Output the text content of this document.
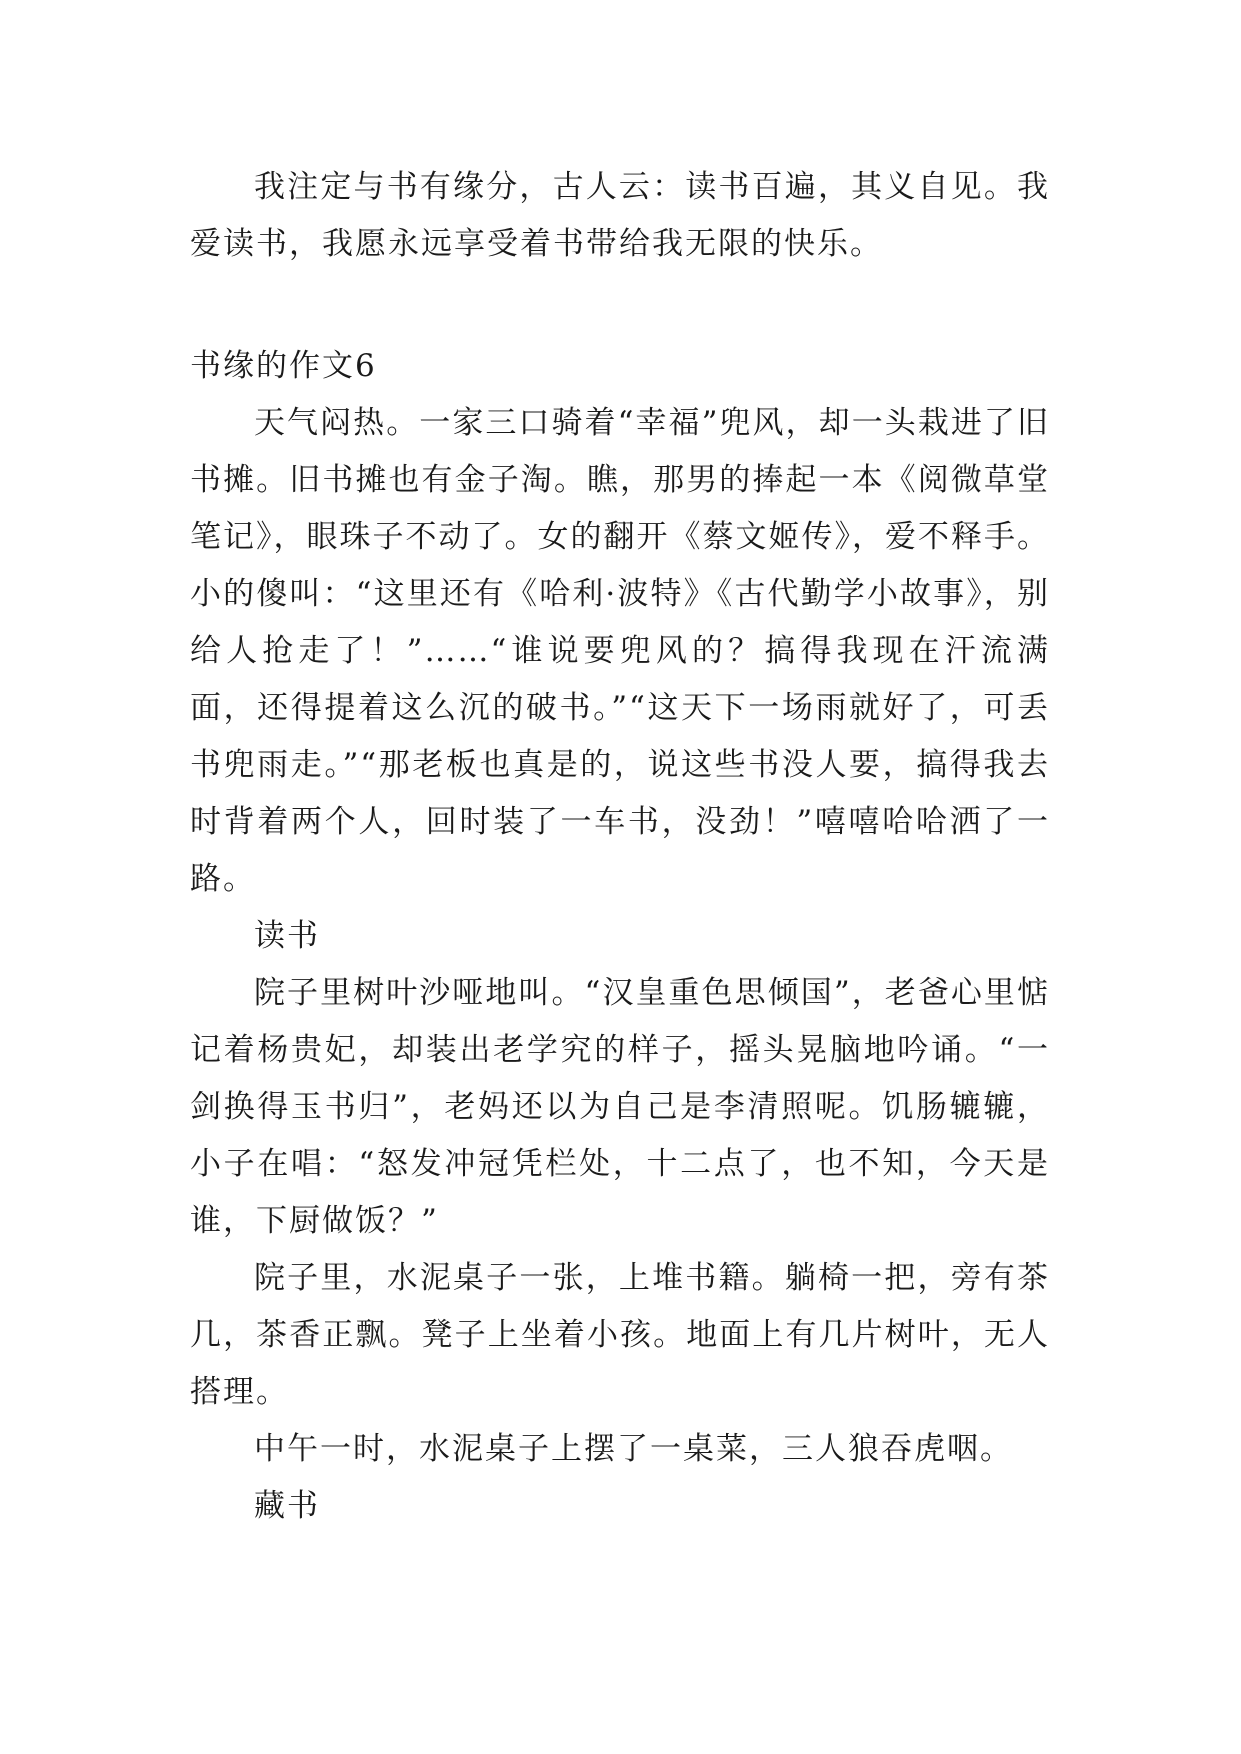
我注定与书有缘分，古人云：读书百遍，其义自见。我爱读书，我愿永远享受着书带给我无限的快乐。

书缘的作文6

天气闷热。一家三口骑着“幸福”兜风，却一头栽进了旧书摊。旧书摊也有金子淘。瞧，那男的捧起一本《阅微草堂笔记》，眼珠子不动了。女的翻开《蔡文姬传》，爱不释手。小的傻叫：“这里还有《哈利·波特》《古代勤学小故事》，别给人抢走了！”……“谁说要兜风的？搞得我现在汗流满面，还得提着这么沉的破书。”“这天下一场雨就好了，可丢书兜雨走。”“那老板也真是的，说这些书没人要，搞得我去时背着两个人，回时装了一车书，没劲！”嘻嘻哈哈洒了一路。

读书

院子里树叶沙哑地叫。“汉皇重色思倾国”，老爸心里惦记着杨贵妃，却装出老学究的样子，摇头晃脑地吟诵。“一剑换得玉书归”，老妈还以为自己是李清照呢。饥肠辘辘，小子在唱：“怒发冲冠凭栏处，十二点了，也不知，今天是谁，下厨做饭？”

院子里，水泥桌子一张，上堆书籍。躺椅一把，旁有茶几，茶香正飘。凳子上坐着小孩。地面上有几片树叶，无人搭理。

中午一时，水泥桌子上摆了一桌菜，三人狼吞虎咽。

藏书
